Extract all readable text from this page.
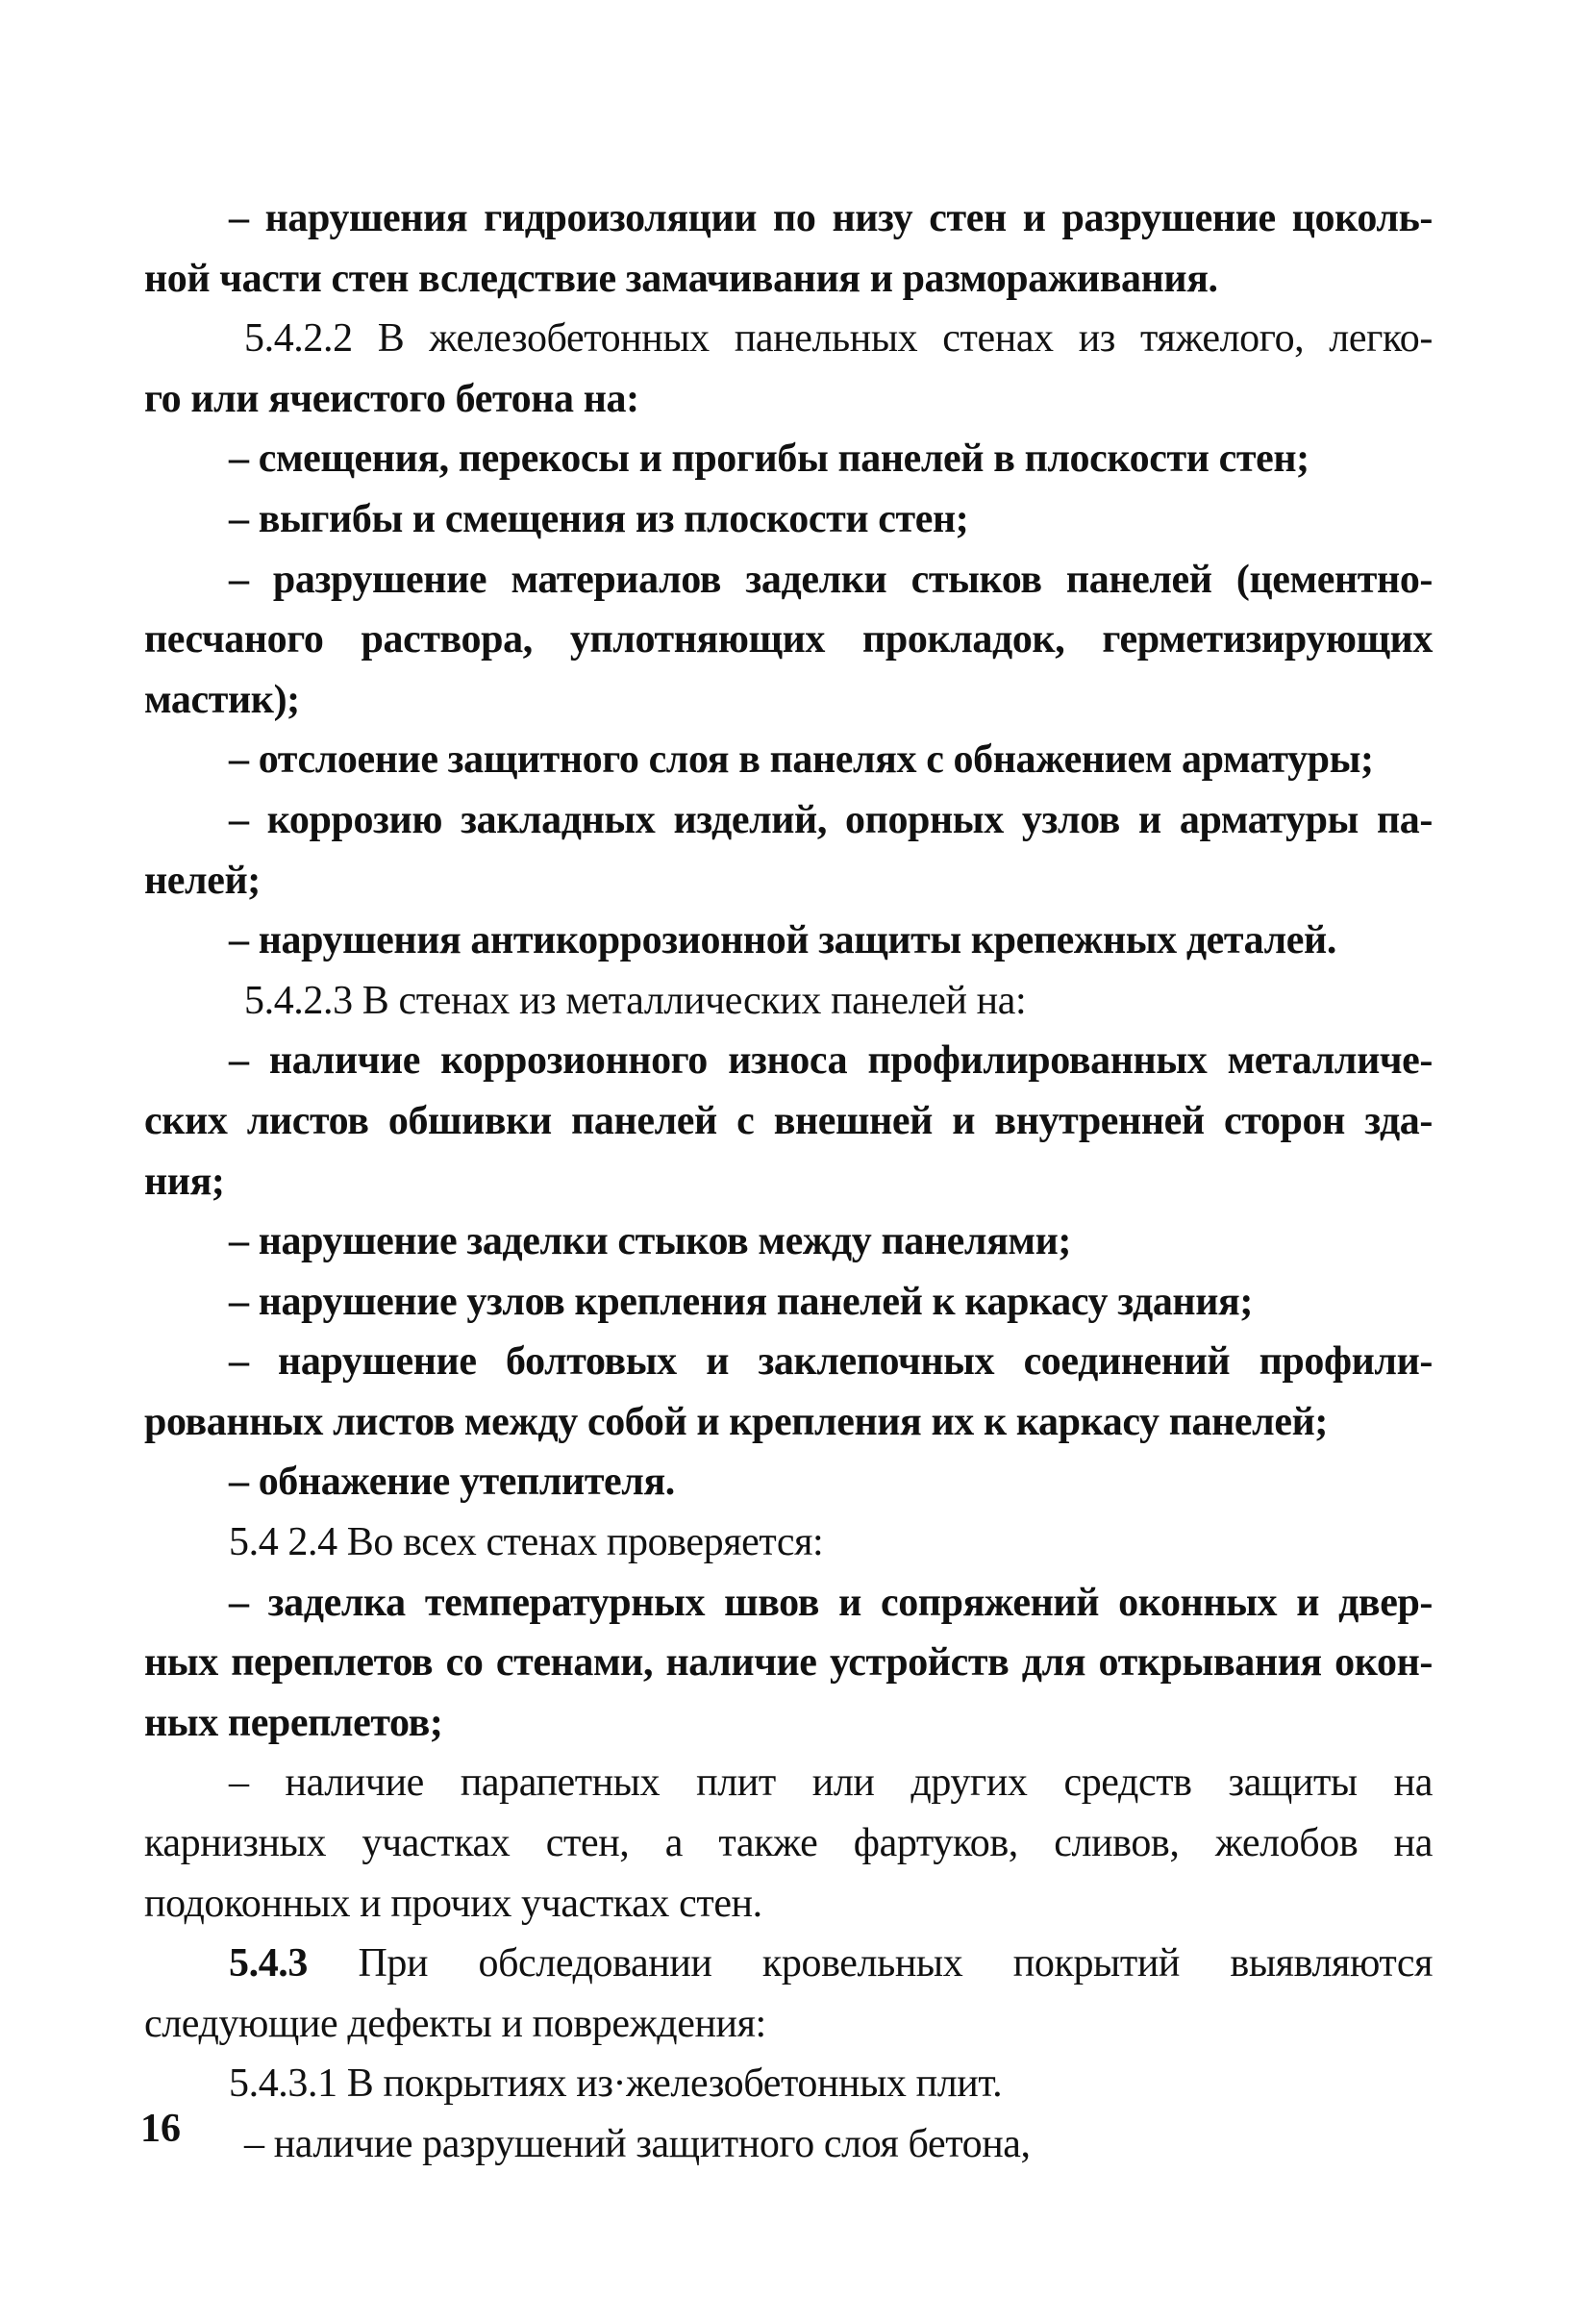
– нарушения гидроизоляции по низу стен и разрушение цоколь-
ной части стен вследствие замачивания и размораживания.
5.4.2.2 В железобетонных панельных стенах из тяжелого, легко-
го или ячеистого бетона на:
– смещения, перекосы и прогибы панелей в плоскости стен;
– выгибы и смещения из плоскости стен;
– разрушение материалов заделки стыков панелей (цементно-
песчаного раствора, уплотняющих прокладок, герметизирующих
мастик);
– отслоение защитного слоя в панелях с обнажением арматуры;
– коррозию закладных изделий, опорных узлов и арматуры па-
нелей;
– нарушения антикоррозионной защиты крепежных деталей.
5.4.2.3 В стенах из металлических панелей на:
– наличие коррозионного износа профилированных металличе-
ских листов обшивки панелей с внешней и внутренней сторон зда-
ния;
– нарушение заделки стыков между панелями;
– нарушение узлов крепления панелей к каркасу здания;
– нарушение болтовых и заклепочных соединений профили-
рованных листов между собой и крепления их к каркасу панелей;
– обнажение утеплителя.
5.4 2.4 Во всех стенах проверяется:
– заделка температурных швов и сопряжений оконных и двер-
ных переплетов со стенами, наличие устройств для открывания окон-
ных переплетов;
– наличие парапетных плит или других средств защиты на
карнизных участках стен, а также фартуков, сливов, желобов на
подоконных и прочих участках стен.
5.4.3 При обследовании кровельных покрытий выявляются
следующие дефекты и повреждения:
5.4.3.1 В покрытиях из·железобетонных плит.
– наличие разрушений защитного слоя бетона,
16
